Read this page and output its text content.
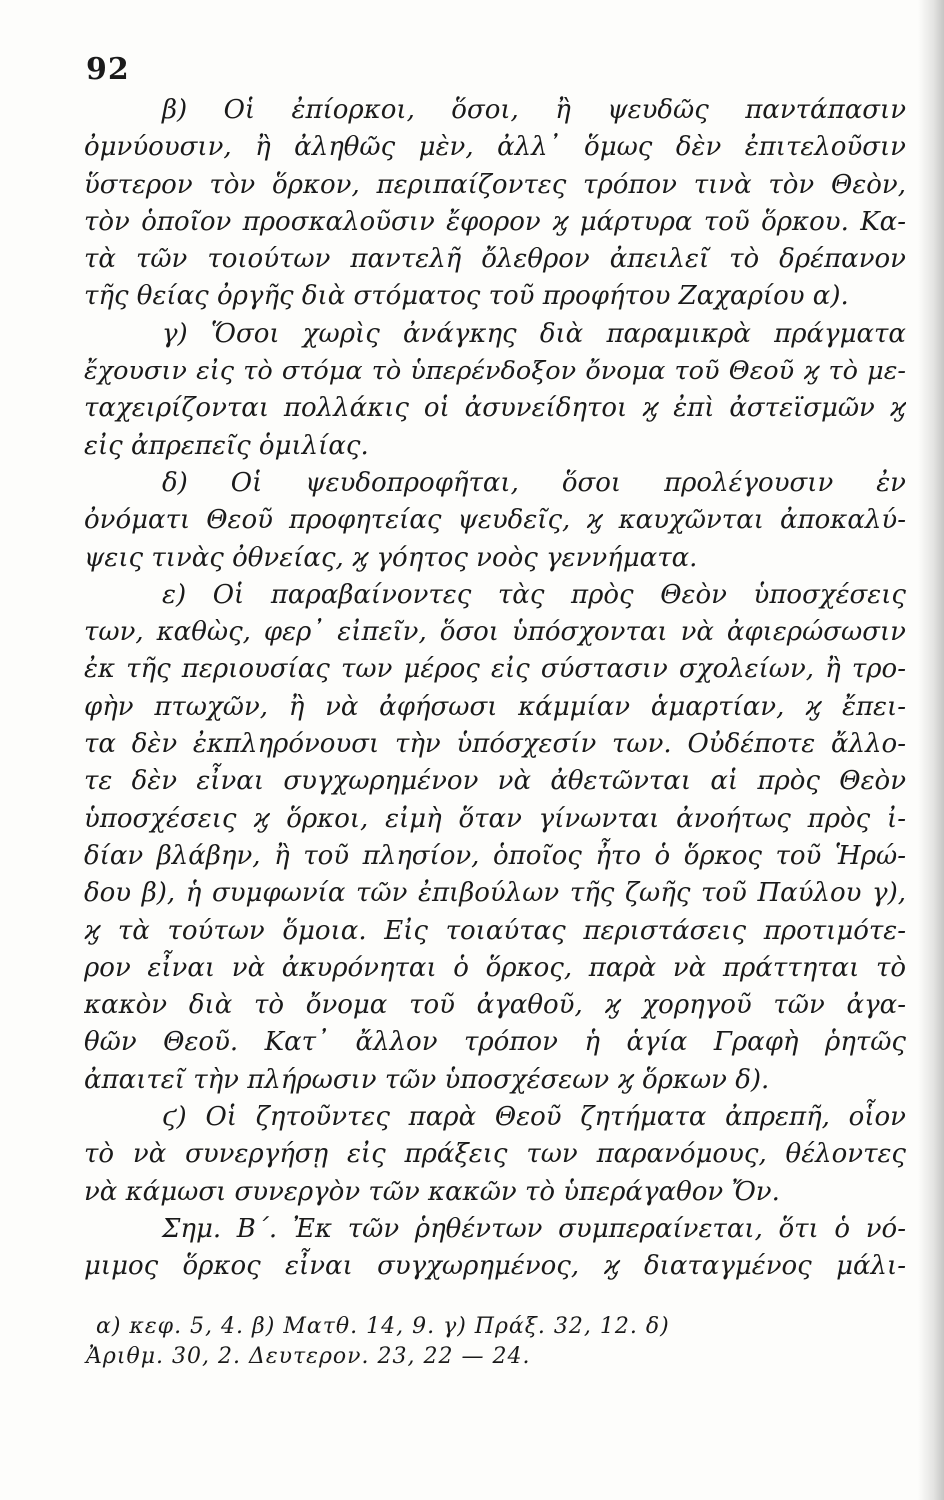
92
β) Οἱ ἐπίορκοι, ὅσοι, ἢ ψευδῶς παντάπασιν
ὀμνύουσιν, ἢ ἀληθῶς μὲν, ἀλλ᾽ ὅμως δὲν ἐπιτελοῦσιν
ὕστερον τὸν ὅρκον, περιπαίζοντες τρόπον τινὰ τὸν Θεὸν,
τὸν ὁποῖον προσκαλοῦσιν ἔφορον ϗ μάρτυρα τοῦ ὅρκου. Κα-
τὰ τῶν τοιούτων παντελῆ ὄλεθρον ἀπειλεῖ τὸ δρέπανον
τῆς θείας ὀργῆς διὰ στόματος τοῦ προφήτου Ζαχαρίου α).
γ) Ὅσοι χωρὶς ἀνάγκης διὰ παραμικρὰ πράγματα
ἔχουσιν εἰς τὸ στόμα τὸ ὑπερένδοξον ὄνομα τοῦ Θεοῦ ϗ τὸ με-
ταχειρίζονται πολλάκις οἱ ἀσυνείδητοι ϗ ἐπὶ ἀστεϊσμῶν ϗ
εἰς ἀπρεπεῖς ὁμιλίας.
δ) Οἱ ψευδοπροφῆται, ὅσοι προλέγουσιν ἐν
ὀνόματι Θεοῦ προφητείας ψευδεῖς, ϗ καυχῶνται ἀποκαλύ-
ψεις τινὰς ὀθνείας, ϗ γόητος νοὸς γεννήματα.
ε) Οἱ παραβαίνοντες τὰς πρὸς Θεὸν ὑποσχέσεις
των, καθὼς, φερ᾽ εἰπεῖν, ὅσοι ὑπόσχονται νὰ ἀφιερώσωσιν
ἐκ τῆς περιουσίας των μέρος εἰς σύστασιν σχολείων, ἢ τρο-
φὴν πτωχῶν, ἢ νὰ ἀφήσωσι κάμμίαν ἁμαρτίαν, ϗ ἔπει-
τα δὲν ἐκπληρόνουσι τὴν ὑπόσχεσίν των. Οὐδέποτε ἄλλο-
τε δὲν εἶναι συγχωρημένον νὰ ἀθετῶνται αἱ πρὸς Θεὸν
ὑποσχέσεις ϗ ὅρκοι, εἰμὴ ὅταν γίνωνται ἀνοήτως πρὸς ἰ-
δίαν βλάβην, ἢ τοῦ πλησίον, ὁποῖος ἦτο ὁ ὅρκος τοῦ Ἡρώ-
δου β), ἡ συμφωνία τῶν ἐπιβούλων τῆς ζωῆς τοῦ Παύλου γ),
ϗ τὰ τούτων ὅμοια. Εἰς τοιαύτας περιστάσεις προτιμότε-
ρον εἶναι νὰ ἀκυρόνηται ὁ ὅρκος, παρὰ νὰ πράττηται τὸ
κακὸν διὰ τὸ ὄνομα τοῦ ἀγαθοῦ, ϗ χορηγοῦ τῶν ἀγα-
θῶν Θεοῦ. Κατ᾽ ἄλλον τρόπον ἡ ἁγία Γραφὴ ῥητῶς
ἀπαιτεῖ τὴν πλήρωσιν τῶν ὑποσχέσεων ϗ ὅρκων δ).
ϛ) Οἱ ζητοῦντες παρὰ Θεοῦ ζητήματα ἀπρεπῆ, οἷον
τὸ νὰ συνεργήσῃ εἰς πράξεις των παρανόμους, θέλοντες
νὰ κάμωσι συνεργὸν τῶν κακῶν τὸ ὑπεράγαθον Ὄν.
Σημ. Β΄. Ἐκ τῶν ῥηθέντων συμπεραίνεται, ὅτι ὁ νό-
μιμος ὅρκος εἶναι συγχωρημένος, ϗ διαταγμένος μάλι-
α) κεφ. 5, 4. β) Ματθ. 14, 9. γ) Πράξ. 32, 12. δ)
Ἀριθμ. 30, 2. Δευτερον. 23, 22 — 24.
